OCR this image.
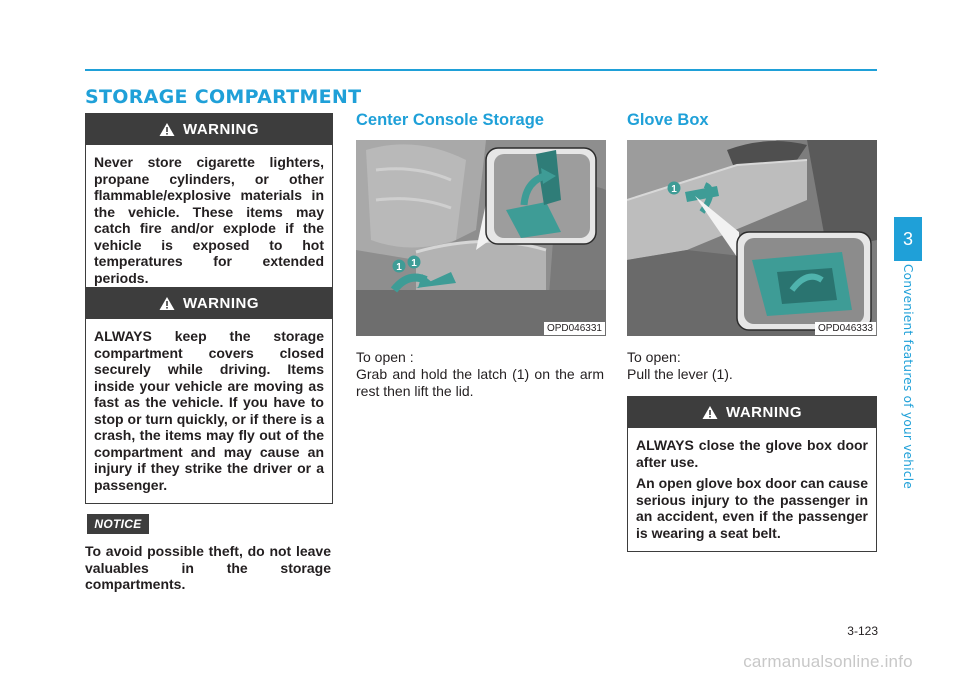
STORAGE COMPARTMENT
WARNING

Never store cigarette lighters, propane cylinders, or other flammable/explosive materials in the vehicle. These items may catch fire and/or explode if the vehicle is exposed to hot temperatures for extended periods.

WARNING

ALWAYS keep the storage compartment covers closed securely while driving. Items inside your vehicle are moving as fast as the vehicle. If you have to stop or turn quickly, or if there is a crash, the items may fly out of the compartment and may cause an injury if they strike the driver or a passenger.

NOTICE

To avoid possible theft, do not leave valuables in the storage compartments.

Center Console Storage
1 1
OPD046331

To open :

Grab and hold the latch (1) on the arm rest then lift the lid.

Glove Box
1
OPD046333

To open:

Pull the lever (1).

WARNING

ALWAYS close the glove box door after use.

An open glove box door can cause serious injury to the passenger in an accident, even if the passenger is wearing a seat belt.

3
Convenient features of your vehicle
3-123
carmanualsonline.info
